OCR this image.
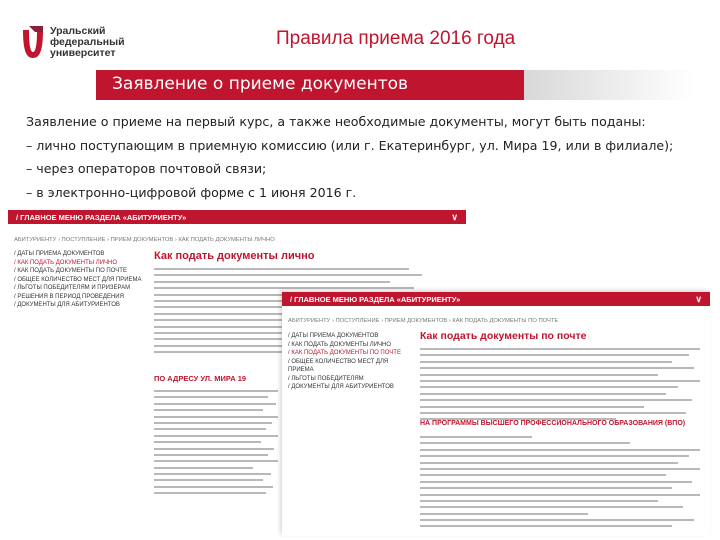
Уральский
федеральный
университет
Правила приема 2016 года
Заявление о приеме документов
Заявление о приеме на первый курс, а также необходимые документы, могут быть поданы:
– лично поступающим в приемную комиссию (или г. Екатеринбург, ул. Мира 19, или в филиале);
– через операторов почтовой связи;
– в электронно-цифровой форме с 1 июня 2016 г.
/ ГЛАВНОЕ МЕНЮ РАЗДЕЛА «АБИТУРИЕНТУ»	∨
АБИТУРИЕНТУ › ПОСТУПЛЕНИЕ › ПРИЕМ ДОКУМЕНТОВ › КАК ПОДАТЬ ДОКУМЕНТЫ ЛИЧНО
/ ДАТЫ ПРИЕМА ДОКУМЕНТОВ
/ КАК ПОДАТЬ ДОКУМЕНТЫ ЛИЧНО
/ КАК ПОДАТЬ ДОКУМЕНТЫ ПО ПОЧТЕ
/ ОБЩЕЕ КОЛИЧЕСТВО МЕСТ ДЛЯ ПРИЕМА
/ ЛЬГОТЫ ПОБЕДИТЕЛЯМ И ПРИЗЕРАМ
/ РЕШЕНИЯ В ПЕРИОД ПРОВЕДЕНИЯ
/ ДОКУМЕНТЫ ДЛЯ АБИТУРИЕНТОВ
Как подать документы лично
ПО АДРЕСУ УЛ. МИРА 19
/ ГЛАВНОЕ МЕНЮ РАЗДЕЛА «АБИТУРИЕНТУ»	∨
АБИТУРИЕНТУ › ПОСТУПЛЕНИЕ › ПРИЕМ ДОКУМЕНТОВ › КАК ПОДАТЬ ДОКУМЕНТЫ ПО ПОЧТЕ
/ ДАТЫ ПРИЕМА ДОКУМЕНТОВ
/ КАК ПОДАТЬ ДОКУМЕНТЫ ЛИЧНО
/ КАК ПОДАТЬ ДОКУМЕНТЫ ПО ПОЧТЕ
/ ОБЩЕЕ КОЛИЧЕСТВО МЕСТ ДЛЯ ПРИЕМА
/ ЛЬГОТЫ ПОБЕДИТЕЛЯМ
/ ДОКУМЕНТЫ ДЛЯ АБИТУРИЕНТОВ
Как подать документы по почте
НА ПРОГРАММЫ ВЫСШЕГО ПРОФЕССИОНАЛЬНОГО ОБРАЗОВАНИЯ (ВПО)
